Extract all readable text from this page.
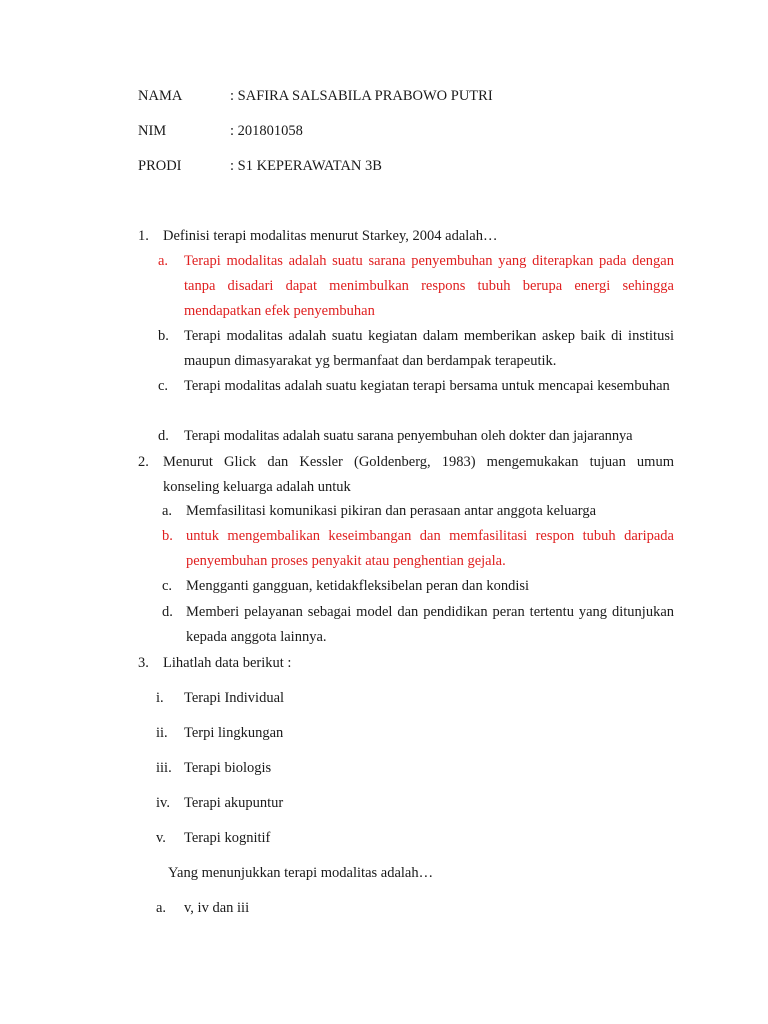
NAMA	: SAFIRA SALSABILA PRABOWO PUTRI
NIM	: 201801058
PRODI	: S1 KEPERAWATAN 3B
1. Definisi terapi modalitas menurut Starkey, 2004 adalah…
a. Terapi modalitas adalah suatu sarana penyembuhan yang diterapkan pada dengan tanpa disadari dapat menimbulkan respons tubuh berupa energi sehingga mendapatkan efek penyembuhan
b. Terapi modalitas adalah suatu kegiatan dalam memberikan askep baik di institusi maupun dimasyarakat yg bermanfaat dan berdampak terapeutik.
c. Terapi modalitas adalah suatu kegiatan terapi bersama untuk mencapai kesembuhan
d. Terapi modalitas adalah suatu sarana penyembuhan oleh dokter dan jajarannya
2. Menurut Glick dan Kessler (Goldenberg, 1983) mengemukakan tujuan umum konseling keluarga adalah untuk
a. Memfasilitasi komunikasi pikiran dan perasaan antar anggota keluarga
b. untuk mengembalikan keseimbangan dan memfasilitasi respon tubuh daripada penyembuhan proses penyakit atau penghentian gejala.
c. Mengganti gangguan, ketidakfleksibelan peran dan kondisi
d. Memberi pelayanan sebagai model dan pendidikan peran tertentu yang ditunjukan kepada anggota lainnya.
3. Lihatlah data berikut :
i. Terapi Individual
ii. Terpi lingkungan
iii. Terapi biologis
iv. Terapi akupuntur
v. Terapi kognitif
Yang menunjukkan terapi modalitas adalah…
a. v, iv dan iii
